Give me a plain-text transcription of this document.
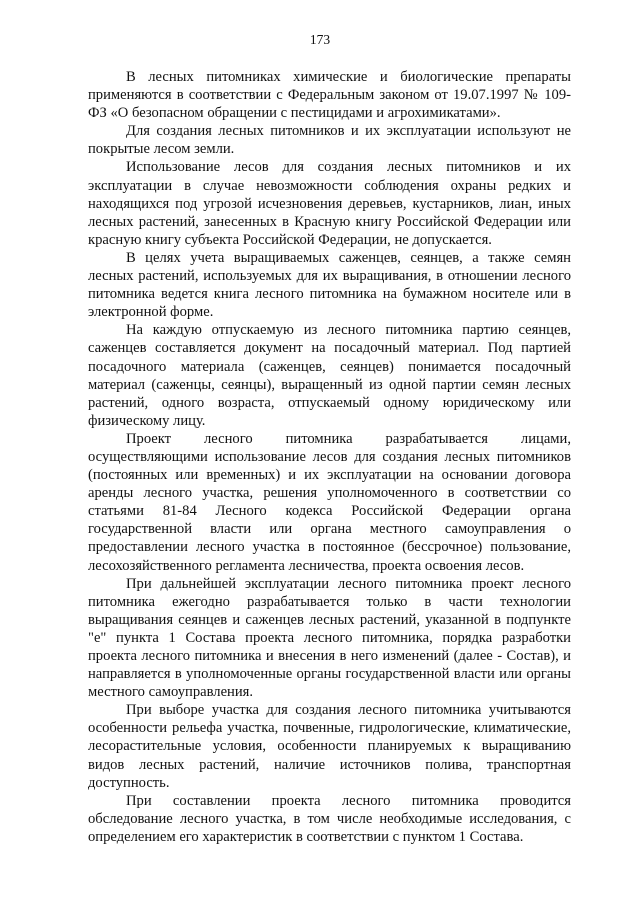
173

В лесных питомниках химические и биологические препараты применяются в соответствии с Федеральным законом от 19.07.1997 № 109-ФЗ «О безопасном обращении с пестицидами и агрохимикатами».

Для создания лесных питомников и их эксплуатации используют не покрытые лесом земли.

Использование лесов для создания лесных питомников и их эксплуатации в случае невозможности соблюдения охраны редких и находящихся под угрозой исчезновения деревьев, кустарников, лиан, иных лесных растений, занесенных в Красную книгу Российской Федерации или красную книгу субъекта Российской Федерации, не допускается.

В целях учета выращиваемых саженцев, сеянцев, а также семян лесных растений, используемых для их выращивания, в отношении лесного питомника ведется книга лесного питомника на бумажном носителе или в электронной форме.

На каждую отпускаемую из лесного питомника партию сеянцев, саженцев составляется документ на посадочный материал. Под партией посадочного материала (саженцев, сеянцев) понимается посадочный материал (саженцы, сеянцы), выращенный из одной партии семян лесных растений, одного возраста, отпускаемый одному юридическому или физическому лицу.

Проект лесного питомника разрабатывается лицами, осуществляющими использование лесов для создания лесных питомников (постоянных или временных) и их эксплуатации на основании договора аренды лесного участка, решения уполномоченного в соответствии со статьями 81-84 Лесного кодекса Российской Федерации органа государственной власти или органа местного самоуправления о предоставлении лесного участка в постоянное (бессрочное) пользование, лесохозяйственного регламента лесничества, проекта освоения лесов.

При дальнейшей эксплуатации лесного питомника проект лесного питомника ежегодно разрабатывается только в части технологии выращивания сеянцев и саженцев лесных растений, указанной в подпункте "е" пункта 1 Состава проекта лесного питомника, порядка разработки проекта лесного питомника и внесения в него изменений (далее - Состав), и направляется в уполномоченные органы государственной власти или органы местного самоуправления.

При выборе участка для создания лесного питомника учитываются особенности рельефа участка, почвенные, гидрологические, климатические, лесорастительные условия, особенности планируемых к выращиванию видов лесных растений, наличие источников полива, транспортная доступность.

При составлении проекта лесного питомника проводится обследование лесного участка, в том числе необходимые исследования, с определением его характеристик в соответствии с пунктом 1 Состава.
